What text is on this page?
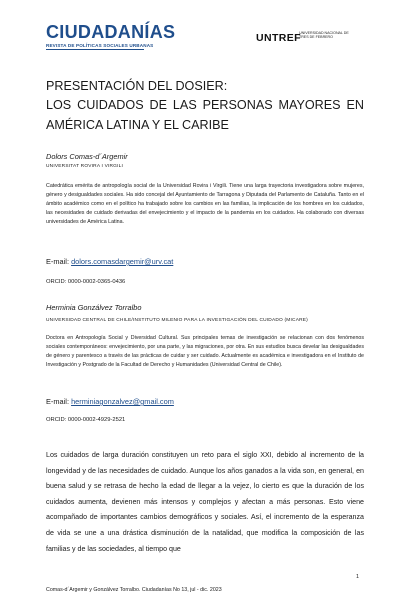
CIUDADANÍAS
REVISTA DE POLÍTICAS SOCIALES URBANAS
UNTREF
UNIVERSIDAD NACIONAL DE TRES DE FEBRERO
PRESENTACIÓN DEL DOSIER:
LOS CUIDADOS DE LAS PERSONAS MAYORES EN
AMÉRICA LATINA Y EL CARIBE
Dolors Comas-d´Argemir
UNIVERSITAT ROVIRA I VIRGILI
Catedrática emérita de antropología social de la Universidad Rovira i Virgili. Tiene una larga trayectoria investigadora sobre mujeres, género y desigualdades sociales. Ha sido concejal del Ayuntamiento de Tarragona y Diputada del Parlamento de Cataluña. Tanto en el ámbito académico como en el político ha trabajado sobre los cambios en las familias, la implicación de los hombres en los cuidados, las necesidades de cuidado derivadas del envejecimiento y el impacto de la pandemia en los cuidados. Ha colaborado con diversas universidades de América Latina.
E-mail: dolors.comasdargemir@urv.cat
ORCID: 0000-0002-0365-0436
Herminia Gonzálvez Torralbo
UNIVERSIDAD CENTRAL DE CHILE/INSTITUTO MILENIO PARA LA INVESTIGACIÓN DEL CUIDADO (MICARE)
Doctora en Antropología Social y Diversidad Cultural. Sus principales temas de investigación se relacionan con dos fenómenos sociales contemporáneos: envejecimiento, por una parte, y las migraciones, por otra. En sus estudios busca develar las desigualdades de género y parentesco a través de las prácticas de cuidar y ser cuidado. Actualmente es académica e investigadora en el Instituto de Investigación y Postgrado de la Facultad de Derecho y Humanidades (Universidad Central de Chile).
E-mail: herminiagonzalvez@gmail.com
ORCID: 0000-0002-4929-2521
Los cuidados de larga duración constituyen un reto para el siglo XXI, debido al incremento de la longevidad y de las necesidades de cuidado. Aunque los años ganados a la vida son, en general, en buena salud y se retrasa de hecho la edad de llegar a la vejez, lo cierto es que la duración de los cuidados aumenta, devienen más intensos y complejos y afectan a más personas. Esto viene acompañado de importantes cambios demográficos y sociales. Así, el incremento de la esperanza de vida se une a una drástica disminución de la natalidad, que modifica la composición de las familias y de las sociedades, al tiempo que
1
Comas-d´Argemir y Gonzálvez Torralbo. Ciudadanías No 13, jul - dic. 2023
